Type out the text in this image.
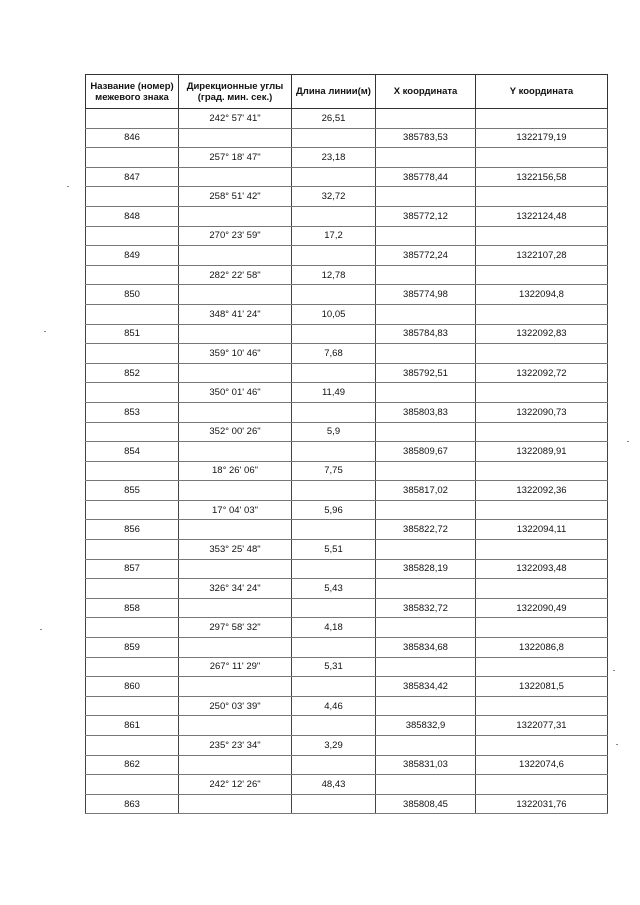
Название (номер) межевого знака	Дирекционные углы (град. мин. сек.)	Длина линии(м)	X координата	Y координата
	242° 57' 41"	26,51		
846			385783,53	1322179,19
	257° 18' 47"	23,18		
847			385778,44	1322156,58
	258° 51' 42"	32,72		
848			385772,12	1322124,48
	270° 23' 59"	17,2		
849			385772,24	1322107,28
	282° 22' 58"	12,78		
850			385774,98	1322094,8
	348° 41' 24"	10,05		
851			385784,83	1322092,83
	359° 10' 46"	7,68		
852			385792,51	1322092,72
	350° 01' 46"	11,49		
853			385803,83	1322090,73
	352° 00' 26"	5,9		
854			385809,67	1322089,91
	18° 26' 06"	7,75		
855			385817,02	1322092,36
	17° 04' 03"	5,96		
856			385822,72	1322094,11
	353° 25' 48"	5,51		
857			385828,19	1322093,48
	326° 34' 24"	5,43		
858			385832,72	1322090,49
	297° 58' 32"	4,18		
859			385834,68	1322086,8
	267° 11' 29"	5,31		
860			385834,42	1322081,5
	250° 03' 39"	4,46		
861			385832,9	1322077,31
	235° 23' 34"	3,29		
862			385831,03	1322074,6
	242° 12' 26"	48,43		
863			385808,45	1322031,76
